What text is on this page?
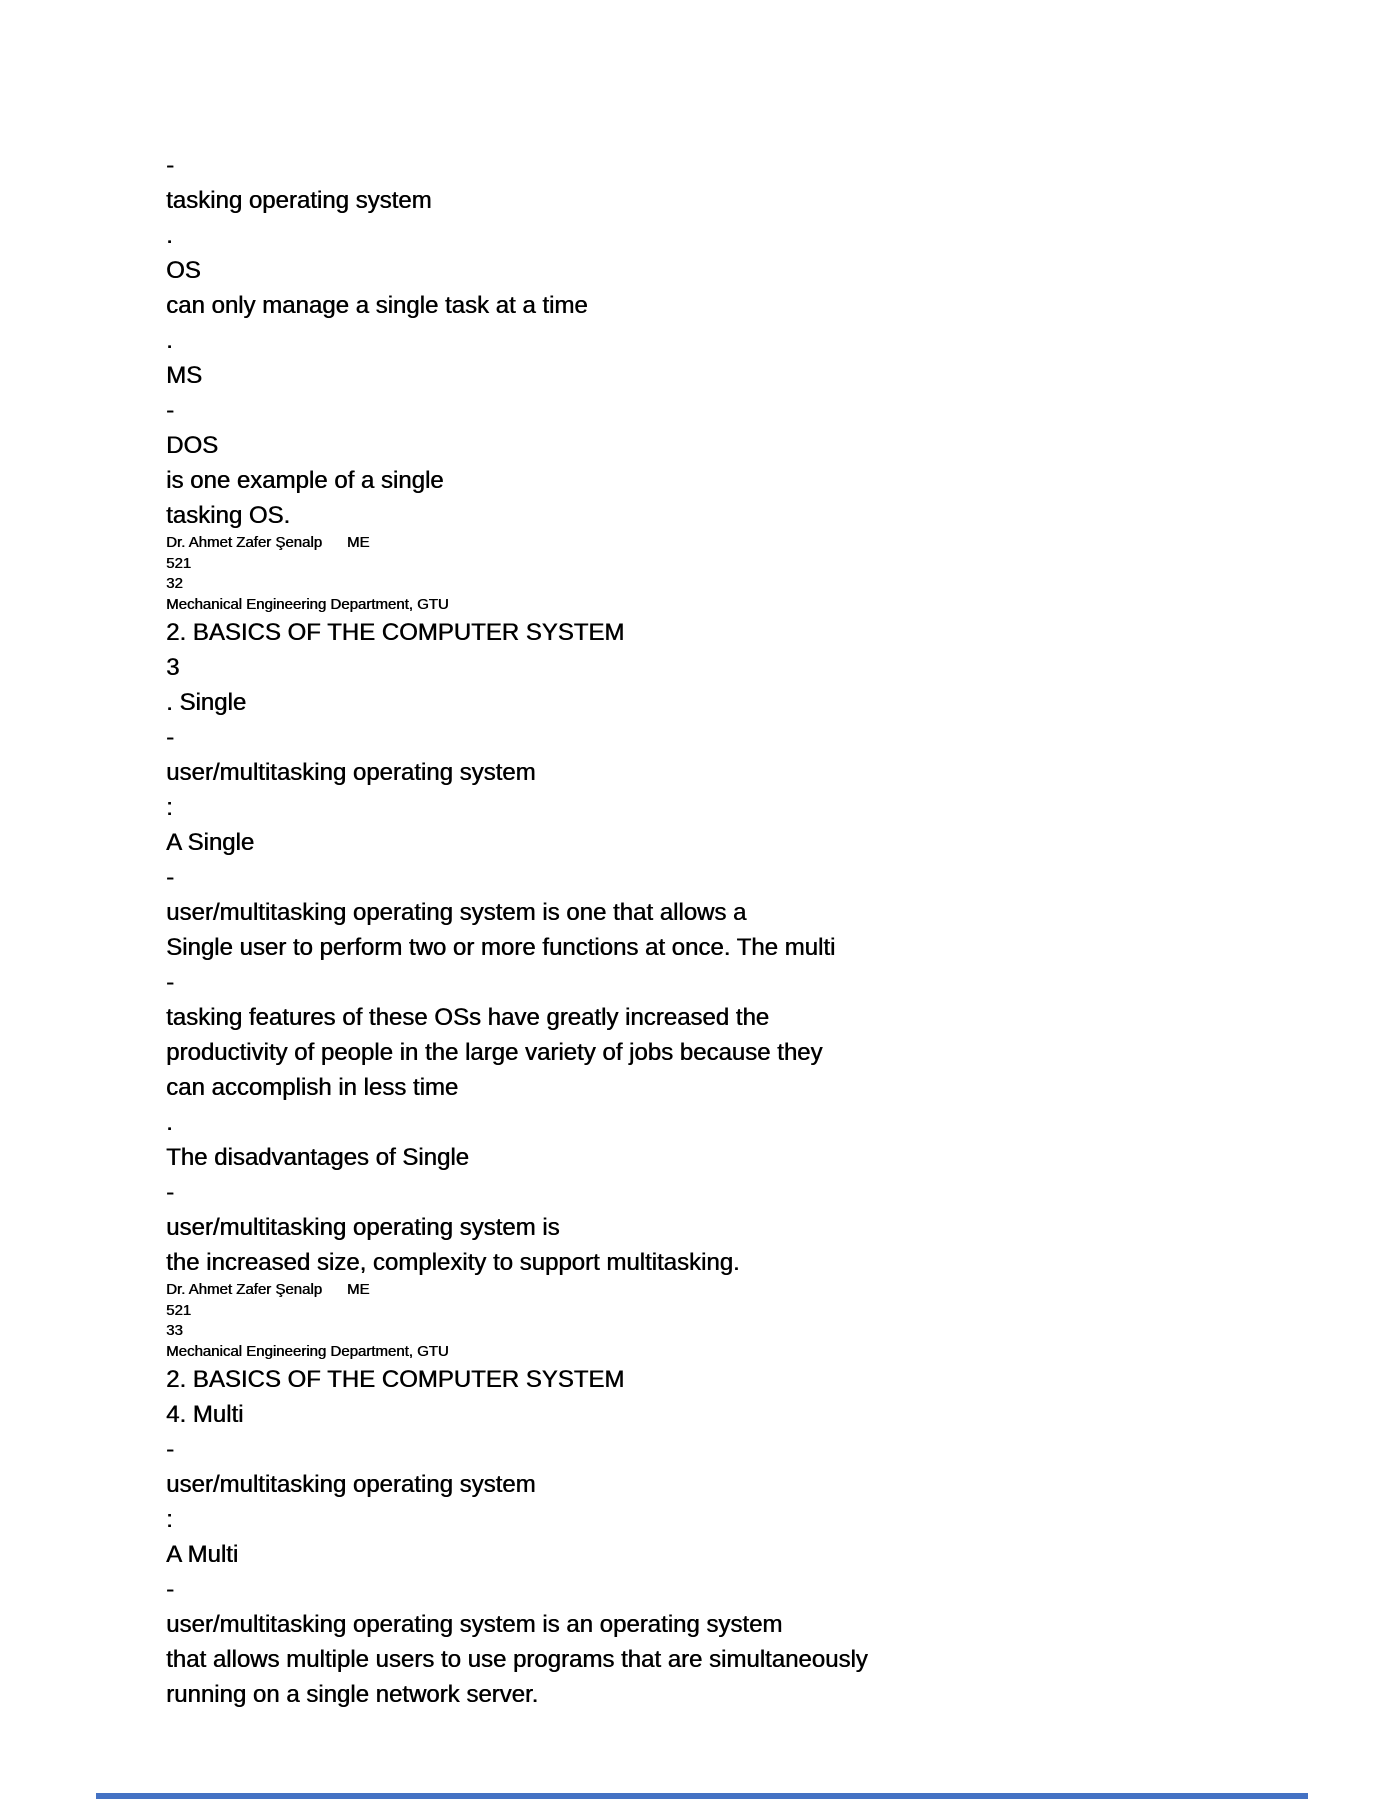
-
tasking operating system
.
OS
can only manage a single task at a time
.
MS
-
DOS
is one example of a single
tasking OS.
Dr. Ahmet Zafer Şenalp      ME
521
32
Mechanical Engineering Department, GTU
2. BASICS OF THE COMPUTER SYSTEM
3
. Single
-
user/multitasking operating system
:
A Single
-
user/multitasking operating system is one that allows a
Single user to perform two or more functions at once. The multi
-
tasking features of these OSs have greatly increased the
productivity of people in the large variety of jobs because they
can accomplish in less time
.
The disadvantages of Single
-
user/multitasking operating system is
the increased size, complexity to support multitasking.
Dr. Ahmet Zafer Şenalp      ME
521
33
Mechanical Engineering Department, GTU
2. BASICS OF THE COMPUTER SYSTEM
4. Multi
-
user/multitasking operating system
:
A Multi
-
user/multitasking operating system is an operating system
that allows multiple users to use programs that are simultaneously
running on a single network server.
